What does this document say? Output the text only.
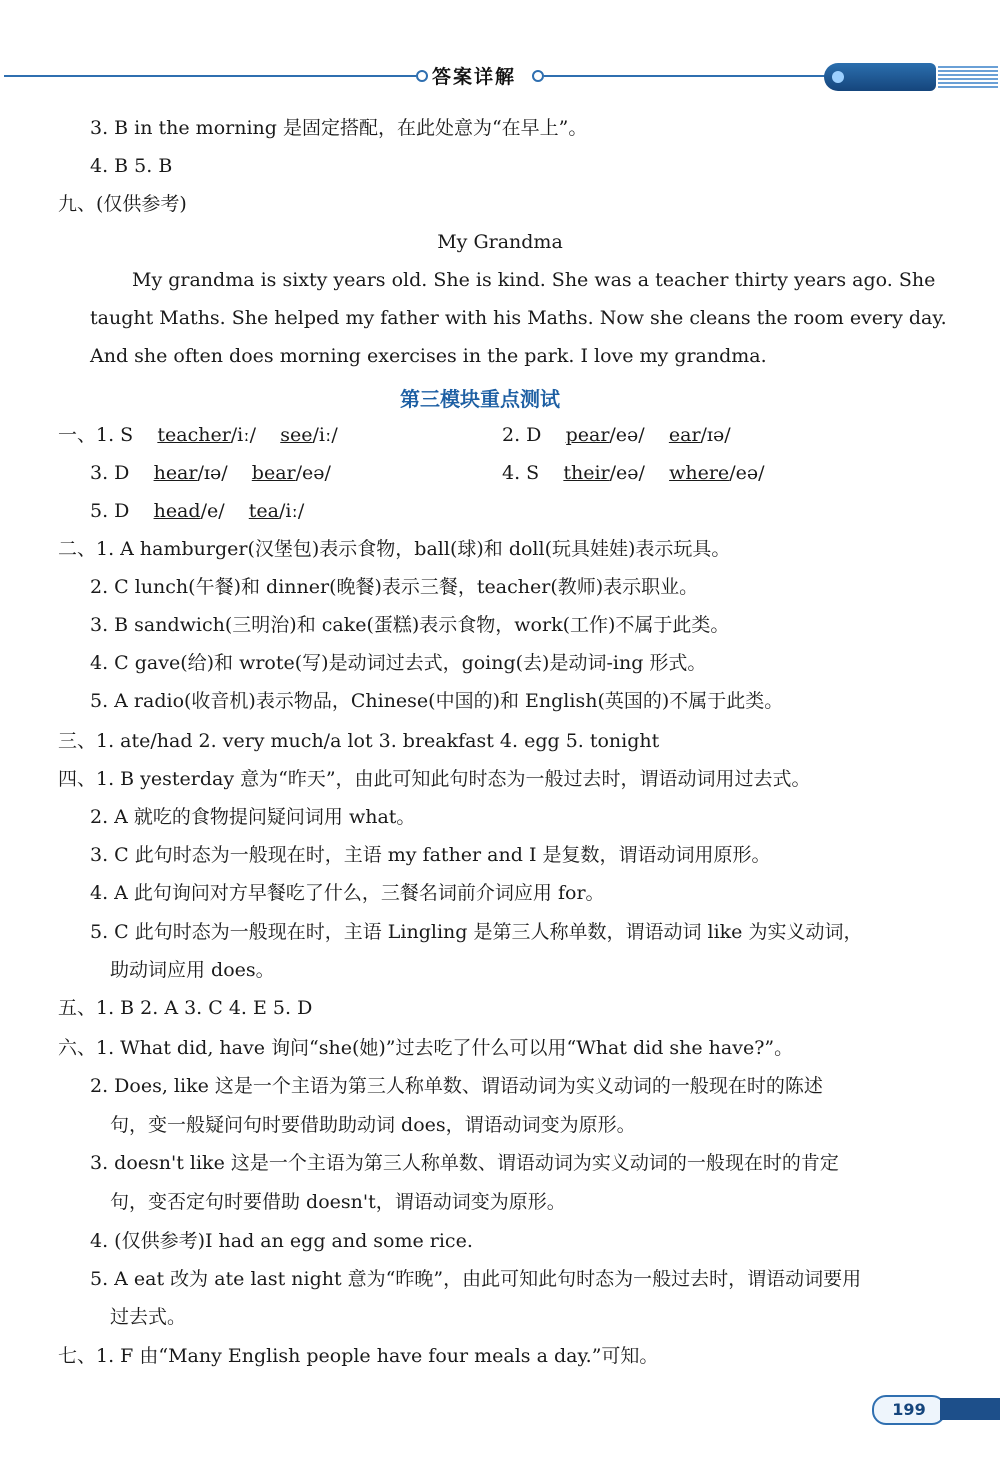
答案详解
3. B in the morning 是固定搭配，在此处意为“在早上”。
4. B 5. B
九、(仅供参考)
My Grandma
My grandma is sixty years old. She is kind. She was a teacher thirty years ago. She
taught Maths. She helped my father with his Maths. Now she cleans the room every day.
And she often does morning exercises in the park. I love my grandma.
第三模块重点测试
一、1. S teacher/iː/ see/iː/	2. D pear/eə/ ear/ɪə/
3. D hear/ɪə/ bear/eə/	4. S their/eə/ where/eə/
5. D head/e/ tea/iː/
二、1. A hamburger(汉堡包)表示食物，ball(球)和 doll(玩具娃娃)表示玩具。
2. C lunch(午餐)和 dinner(晚餐)表示三餐，teacher(教师)表示职业。
3. B sandwich(三明治)和 cake(蛋糕)表示食物，work(工作)不属于此类。
4. C gave(给)和 wrote(写)是动词过去式，going(去)是动词-ing 形式。
5. A radio(收音机)表示物品，Chinese(中国的)和 English(英国的)不属于此类。
三、1. ate/had 2. very much/a lot 3. breakfast 4. egg 5. tonight
四、1. B yesterday 意为“昨天”，由此可知此句时态为一般过去时，谓语动词用过去式。
2. A 就吃的食物提问疑问词用 what。
3. C 此句时态为一般现在时，主语 my father and I 是复数，谓语动词用原形。
4. A 此句询问对方早餐吃了什么，三餐名词前介词应用 for。
5. C 此句时态为一般现在时，主语 Lingling 是第三人称单数，谓语动词 like 为实义动词，
助动词应用 does。
五、1. B 2. A 3. C 4. E 5. D
六、1. What did, have 询问“she(她)”过去吃了什么可以用“What did she have?”。
2. Does, like 这是一个主语为第三人称单数、谓语动词为实义动词的一般现在时的陈述
句，变一般疑问句时要借助助动词 does，谓语动词变为原形。
3. doesn't like 这是一个主语为第三人称单数、谓语动词为实义动词的一般现在时的肯定
句，变否定句时要借助 doesn't，谓语动词变为原形。
4. (仅供参考)I had an egg and some rice.
5. A eat 改为 ate last night 意为“昨晚”，由此可知此句时态为一般过去时，谓语动词要用
过去式。
七、1. F 由“Many English people have four meals a day.”可知。
199
